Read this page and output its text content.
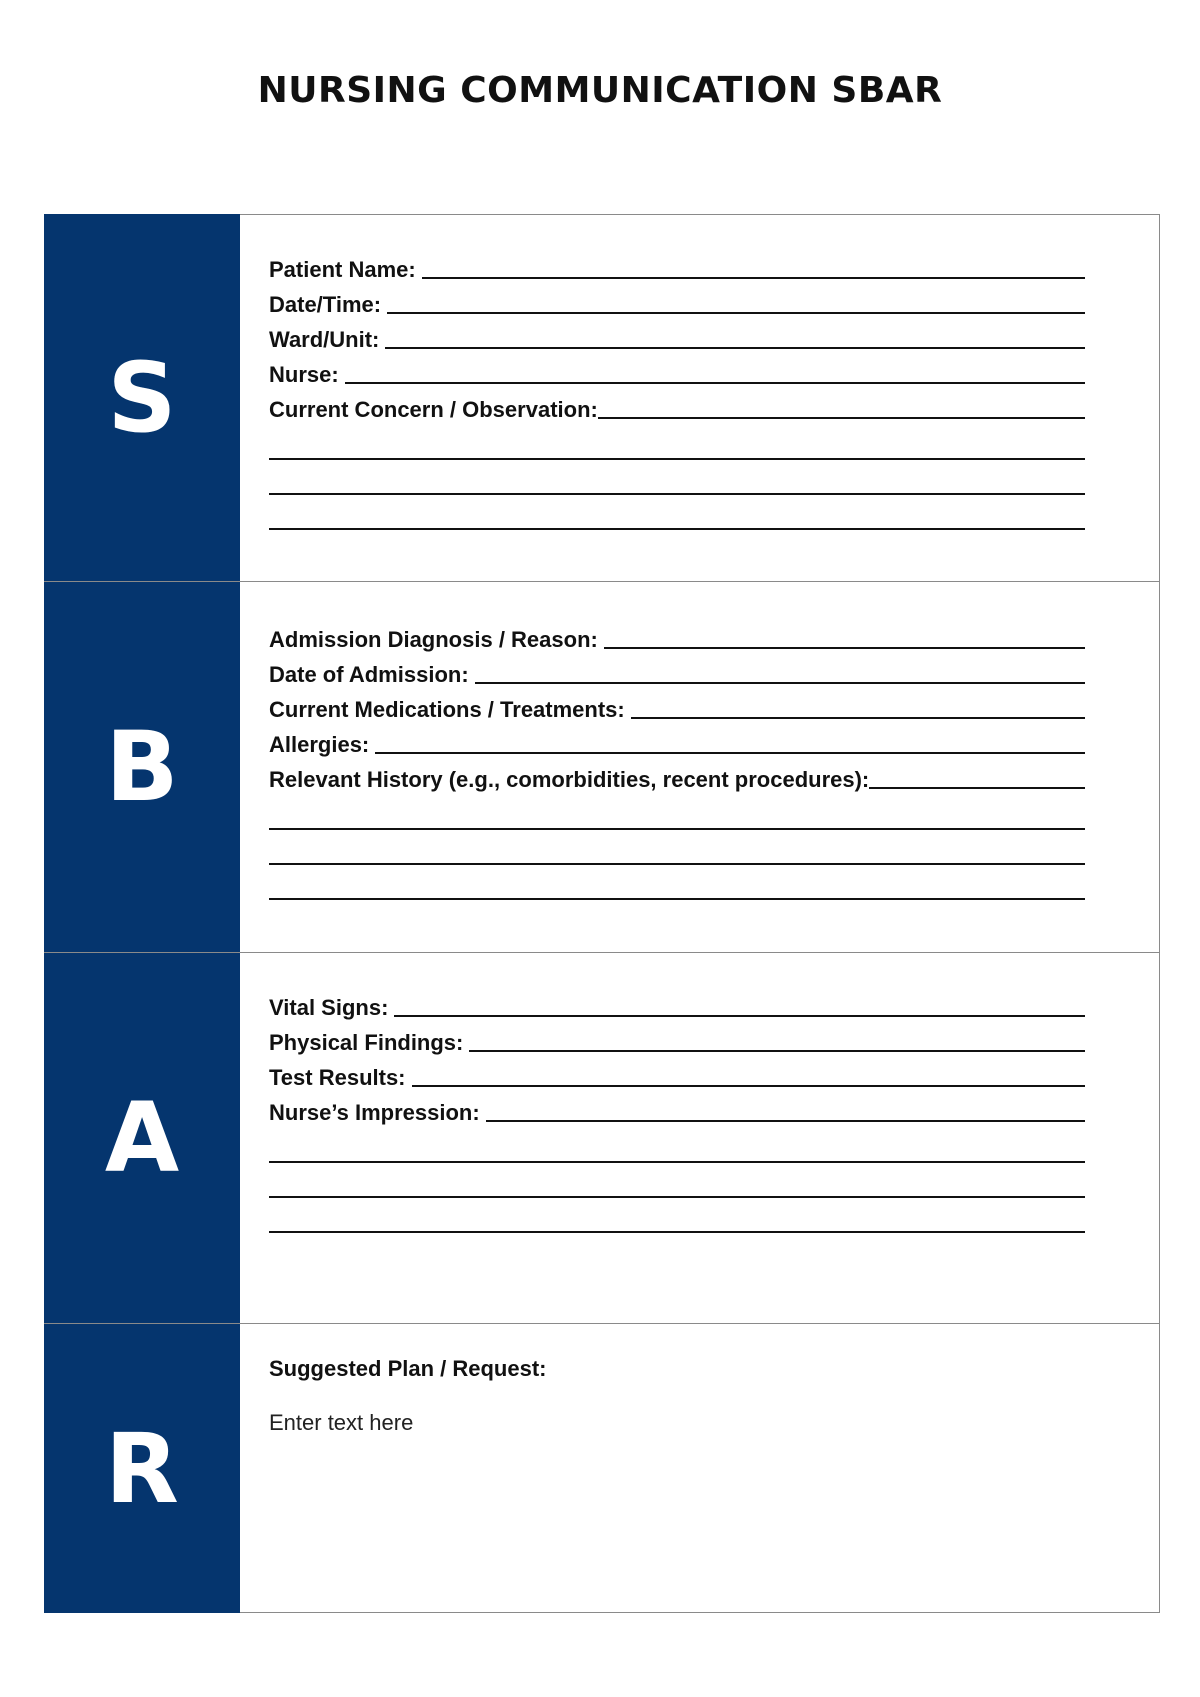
NURSING COMMUNICATION SBAR
S
Patient Name:
Date/Time:
Ward/Unit:
Nurse:
Current Concern / Observation:
B
Admission Diagnosis / Reason:
Date of Admission:
Current Medications / Treatments:
Allergies:
Relevant History (e.g., comorbidities, recent procedures):
A
Vital Signs:
Physical Findings:
Test Results:
Nurse’s Impression:
R

Suggested Plan / Request:

Enter text here
